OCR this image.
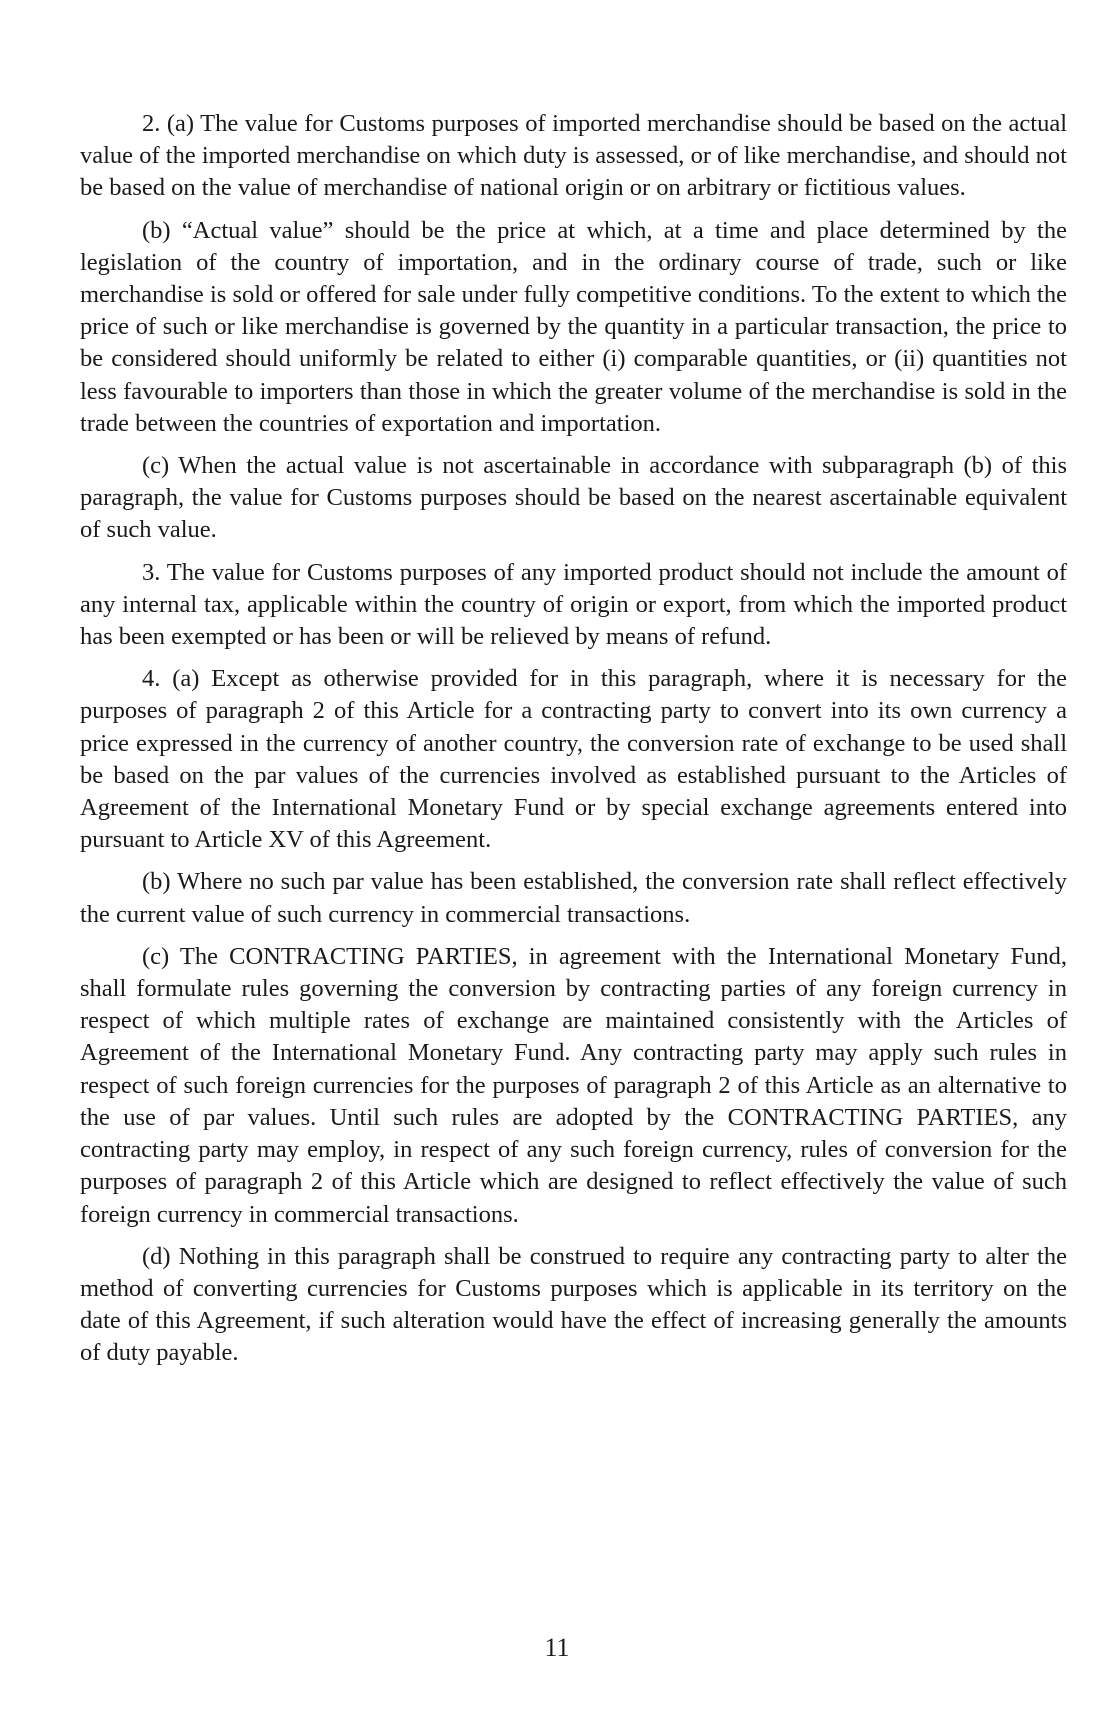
2. (a) The value for Customs purposes of imported merchandise should be based on the actual value of the imported merchandise on which duty is assessed, or of like merchandise, and should not be based on the value of merchandise of national origin or on arbitrary or fictitious values.

(b) “Actual value” should be the price at which, at a time and place determined by the legislation of the country of importation, and in the ordinary course of trade, such or like merchandise is sold or offered for sale under fully competitive conditions. To the extent to which the price of such or like merchandise is governed by the quantity in a particular transaction, the price to be considered should uniformly be related to either (i) comparable quantities, or (ii) quantities not less favourable to importers than those in which the greater volume of the merchandise is sold in the trade between the countries of exportation and importation.

(c) When the actual value is not ascertainable in accordance with subparagraph (b) of this paragraph, the value for Customs purposes should be based on the nearest ascertainable equivalent of such value.

3. The value for Customs purposes of any imported product should not include the amount of any internal tax, applicable within the country of origin or export, from which the imported product has been exempted or has been or will be relieved by means of refund.

4. (a) Except as otherwise provided for in this paragraph, where it is necessary for the purposes of paragraph 2 of this Article for a contracting party to convert into its own currency a price expressed in the currency of another country, the conversion rate of exchange to be used shall be based on the par values of the currencies involved as established pursuant to the Articles of Agreement of the International Monetary Fund or by special exchange agreements entered into pursuant to Article XV of this Agreement.

(b) Where no such par value has been established, the conversion rate shall reflect effectively the current value of such currency in commercial transactions.

(c) The CONTRACTING PARTIES, in agreement with the International Monetary Fund, shall formulate rules governing the conversion by contracting parties of any foreign currency in respect of which multiple rates of exchange are maintained consistently with the Articles of Agreement of the International Monetary Fund. Any contracting party may apply such rules in respect of such foreign currencies for the purposes of paragraph 2 of this Article as an alternative to the use of par values. Until such rules are adopted by the CONTRACTING PARTIES, any contracting party may employ, in respect of any such foreign currency, rules of conversion for the purposes of paragraph 2 of this Article which are designed to reflect effectively the value of such foreign currency in commercial transactions.

(d) Nothing in this paragraph shall be construed to require any contracting party to alter the method of converting currencies for Customs purposes which is applicable in its territory on the date of this Agreement, if such alteration would have the effect of increasing generally the amounts of duty payable.

11
